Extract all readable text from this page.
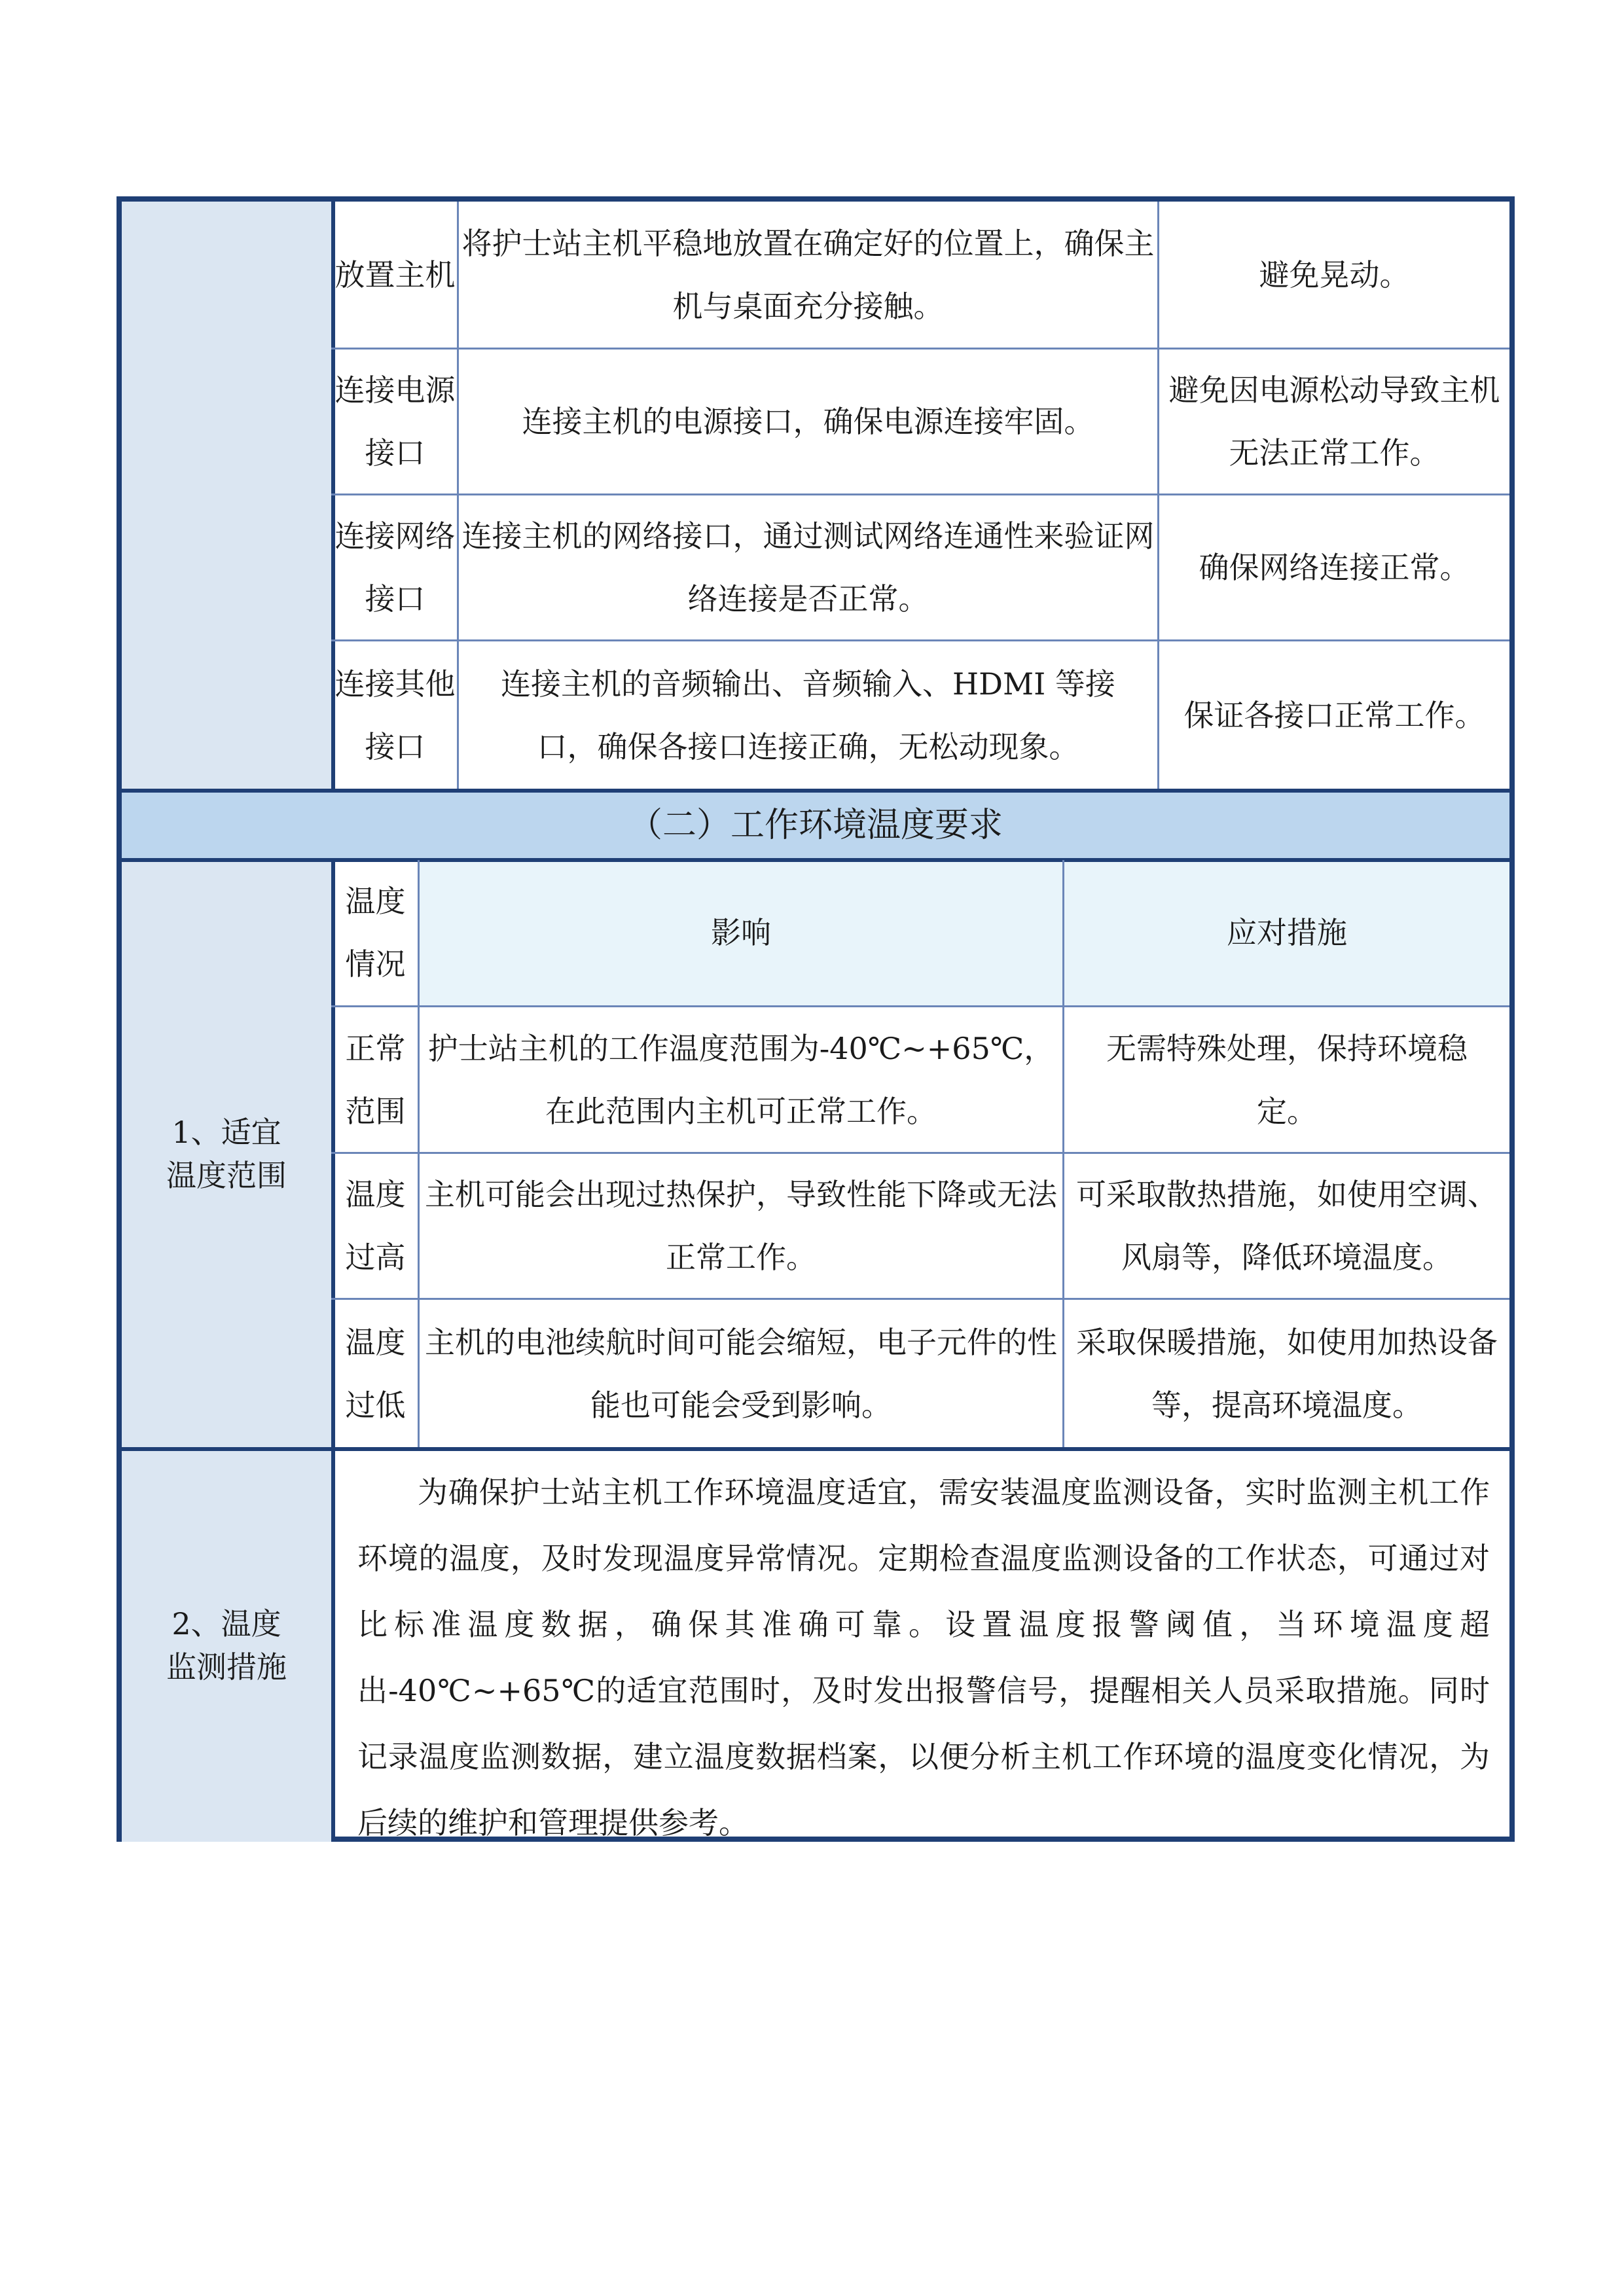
放置主机
将护士站主机平稳地放置在确定好的位置上，确保主机与桌面充分接触。
避免晃动。
连接电源接口
连接主机的电源接口，确保电源连接牢固。
避免因电源松动导致主机无法正常工作。
连接网络接口
连接主机的网络接口，通过测试网络连通性来验证网络连接是否正常。
确保网络连接正常。
连接其他接口
连接主机的音频输出、音频输入、HDMI 等接口，确保各接口连接正确，无松动现象。
保证各接口正常工作。
（二）工作环境温度要求
1、适宜温度范围
温度情况
影响	应对措施
正常范围
护士站主机的工作温度范围为-40℃~+65℃，在此范围内主机可正常工作。
无需特殊处理，保持环境稳定。
温度过高
主机可能会出现过热保护，导致性能下降或无法正常工作。
可采取散热措施，如使用空调、风扇等，降低环境温度。
温度过低
主机的电池续航时间可能会缩短，电子元件的性能也可能会受到影响。
采取保暖措施，如使用加热设备等，提高环境温度。
2、温度监测措施
为确保护士站主机工作环境温度适宜，需安装温度监测设备，实时监测主机工作环境的温度，及时发现温度异常情况。定期检查温度监测设备的工作状态，可通过对比标准温度数据，确保其准确可靠。设置温度报警阈值，当环境温度超出-40℃~+65℃的适宜范围时，及时发出报警信号，提醒相关人员采取措施。同时记录温度监测数据，建立温度数据档案，以便分析主机工作环境的温度变化情况，为后续的维护和管理提供参考。
